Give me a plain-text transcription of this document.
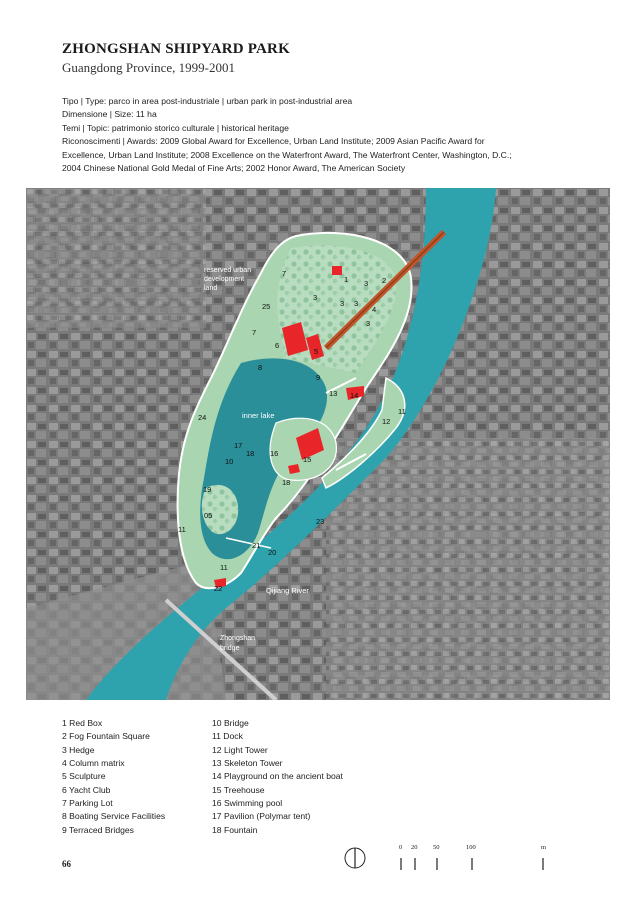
ZHONGSHAN SHIPYARD PARK

Guangdong Province, 1999-2001

Tipo | Type: parco in area post-industriale | urban park in post-industrial area
Dimensione | Size: 11 ha
Temi | Topic: patrimonio storico culturale | historical heritage
Riconoscimenti | Awards: 2009 Global Award for Excellence, Urban Land Institute; 2009 Asian Pacific Award for
Excellence, Urban Land Institute; 2008 Excellence on the Waterfront Award, The Waterfront Center, Washington, D.C.;
2004 Chinese National Gold Medal of Fine Arts; 2002 Honor Award, The American Society
reserved urban
development
land
inner lake
Qijiang River
Zhongshan
bridge
1	2
3
3
3 3
3
4
5
6
7
7
8
9
10
11
11
11
12
13 14
15
16
17
18
18
19
20
21
22
23
24
25
05
1 Red Box
2 Fog Fountain Square
3 Hedge
4 Column matrix
5 Sculpture
6 Yacht Club
7 Parking Lot
8 Boating Service Facilities
9 Terraced Bridges
10 Bridge
11 Dock
12 Light Tower
13 Skeleton Tower
14 Playground on the ancient boat
15 Treehouse
16 Swimming pool
17 Pavilion (Polymar tent)
18 Fountain
66
0 20 50	100	m
